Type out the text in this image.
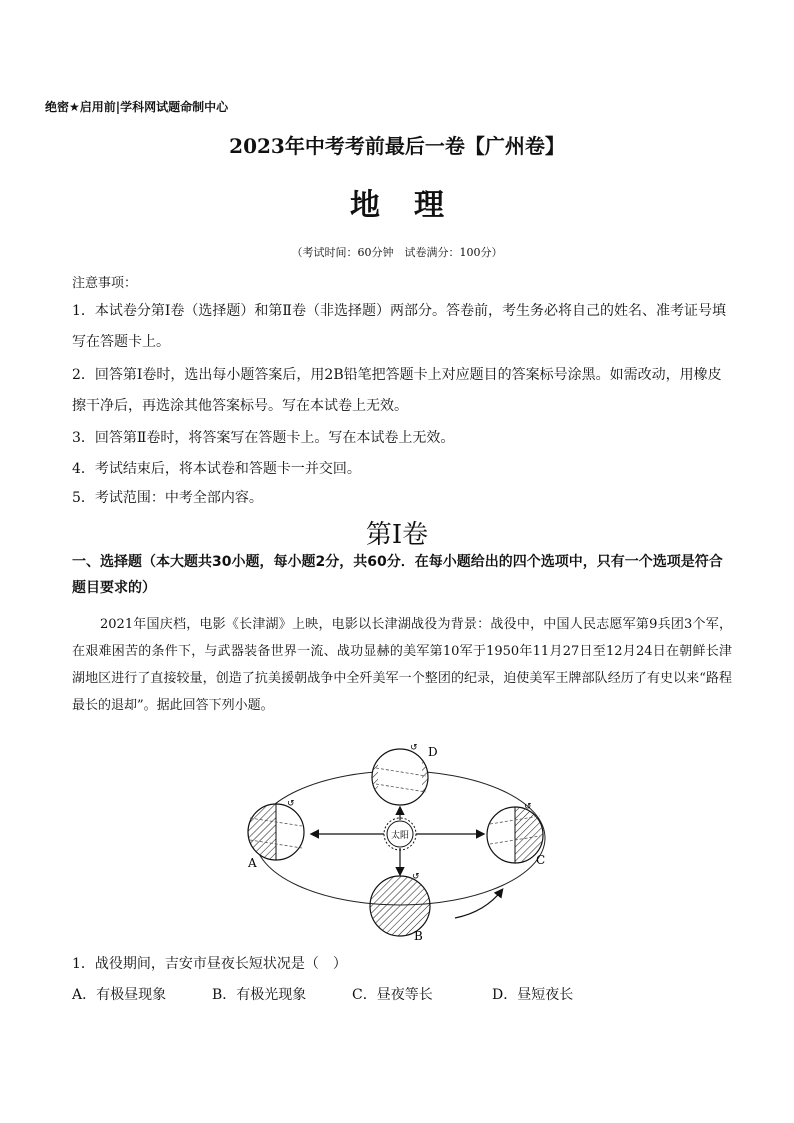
绝密★启用前|学科网试题命制中心
2023年中考考前最后一卷【广州卷】
地理
（考试时间：60分钟　试卷满分：100分）
注意事项：
1．本试卷分第Ⅰ卷（选择题）和第Ⅱ卷（非选择题）两部分。答卷前，考生务必将自己的姓名、准考证号填写在答题卡上。
2．回答第Ⅰ卷时，选出每小题答案后，用2B铅笔把答题卡上对应题目的答案标号涂黑。如需改动，用橡皮擦干净后，再选涂其他答案标号。写在本试卷上无效。
3．回答第Ⅱ卷时，将答案写在答题卡上。写在本试卷上无效。
4．考试结束后，将本试卷和答题卡一并交回。
5．考试范围：中考全部内容。
第Ⅰ卷
一、选择题（本大题共30小题，每小题2分，共60分．在每小题给出的四个选项中，只有一个选项是符合题目要求的）
2021年国庆档，电影《长津湖》上映，电影以长津湖战役为背景：战役中，中国人民志愿军第9兵团3个军，在艰难困苦的条件下，与武器装备世界一流、战功显赫的美军第10军于1950年11月27日至12月24日在朝鲜长津湖地区进行了直接较量，创造了抗美援朝战争中全歼美军一个整团的纪录，迫使美军王牌部队经历了有史以来“路程最长的退却”。据此回答下列小题。
太阳
↺
A
↺
B
↺
C
↺ D
1．战役期间，吉安市昼夜长短状况是（　）
A．有极昼现象	B．有极光现象	C．昼夜等长	D．昼短夜长
